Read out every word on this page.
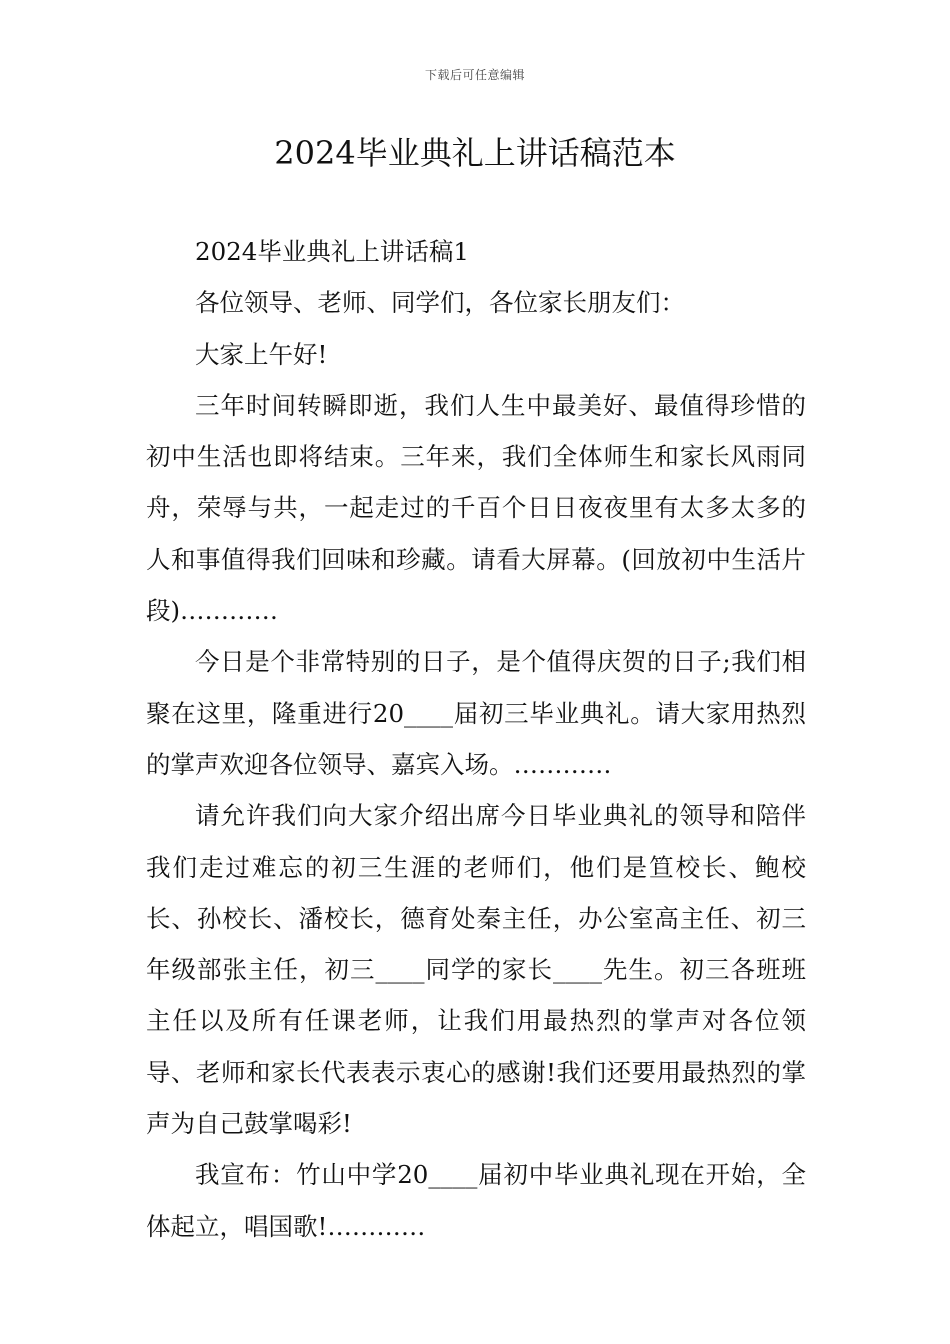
下载后可任意编辑
2024毕业典礼上讲话稿范本

2024毕业典礼上讲话稿1

各位领导、老师、同学们，各位家长朋友们：

大家上午好!

三年时间转瞬即逝，我们人生中最美好、最值得珍惜的初中生活也即将结束。三年来，我们全体师生和家长风雨同舟，荣辱与共，一起走过的千百个日日夜夜里有太多太多的人和事值得我们回味和珍藏。请看大屏幕。(回放初中生活片段)…………

今日是个非常特别的日子，是个值得庆贺的日子;我们相聚在这里，隆重进行20____届初三毕业典礼。请大家用热烈的掌声欢迎各位领导、嘉宾入场。…………

请允许我们向大家介绍出席今日毕业典礼的领导和陪伴我们走过难忘的初三生涯的老师们，他们是笪校长、鲍校长、孙校长、潘校长，德育处秦主任，办公室高主任、初三年级部张主任，初三____同学的家长____先生。初三各班班主任以及所有任课老师，让我们用最热烈的掌声对各位领导、老师和家长代表表示衷心的感谢!我们还要用最热烈的掌声为自己鼓掌喝彩!

我宣布：竹山中学20____届初中毕业典礼现在开始，全体起立，唱国歌!…………
